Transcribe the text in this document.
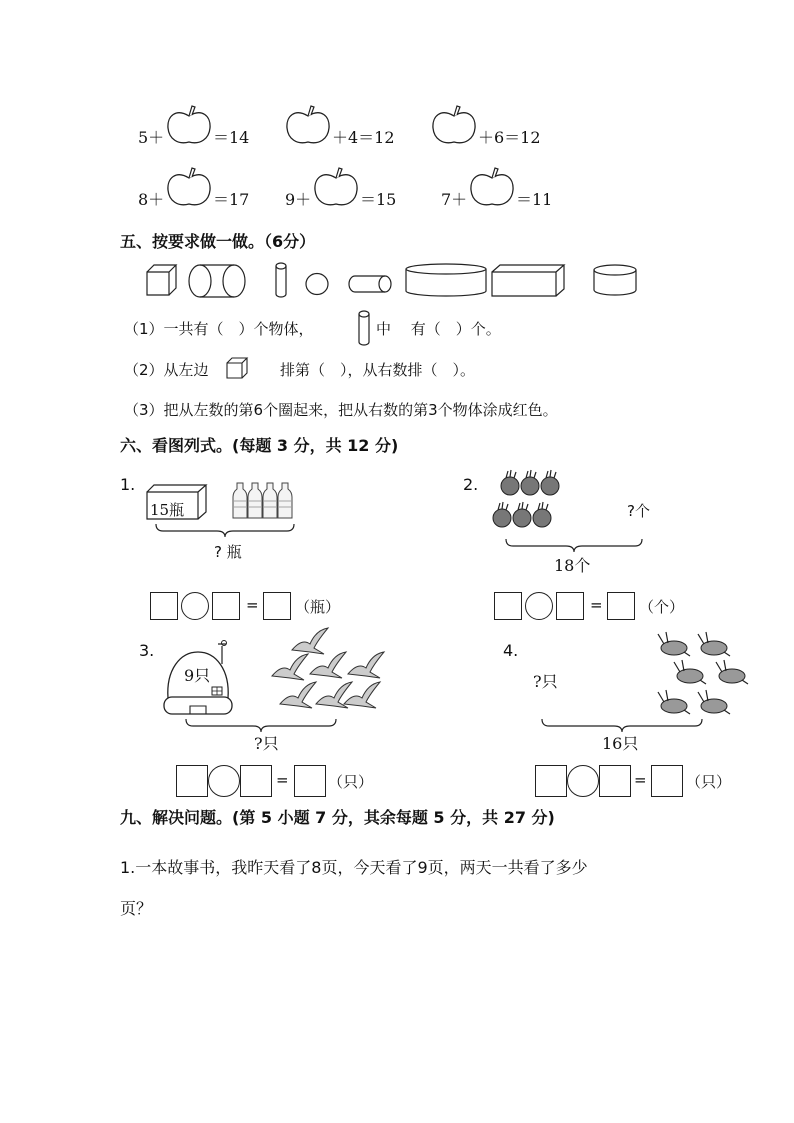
5＋	＝14	＋4＝12	＋6＝12
8＋	＝17 9＋	＝15	7＋	＝11
五、按要求做一做。（6分）
（1）一共有（　）个物体，	中　 有（　）个。
（2）从左边	排第（　），从右数排（　）。
（3）把从左数的第6个圈起来，把从右数的第3个物体涂成红色。
六、看图列式。(每题 3 分，共 12 分)
1.
15瓶
? 瓶
= （瓶）
2.
?个
18个
= （个）
3.
9只
?只
=	（只）
4.
?只
16只
=	（只）
九、解决问题。(第 5 小题 7 分，其余每题 5 分，共 27 分)
1.一本故事书，我昨天看了8页，今天看了9页，两天一共看了多少
页？
